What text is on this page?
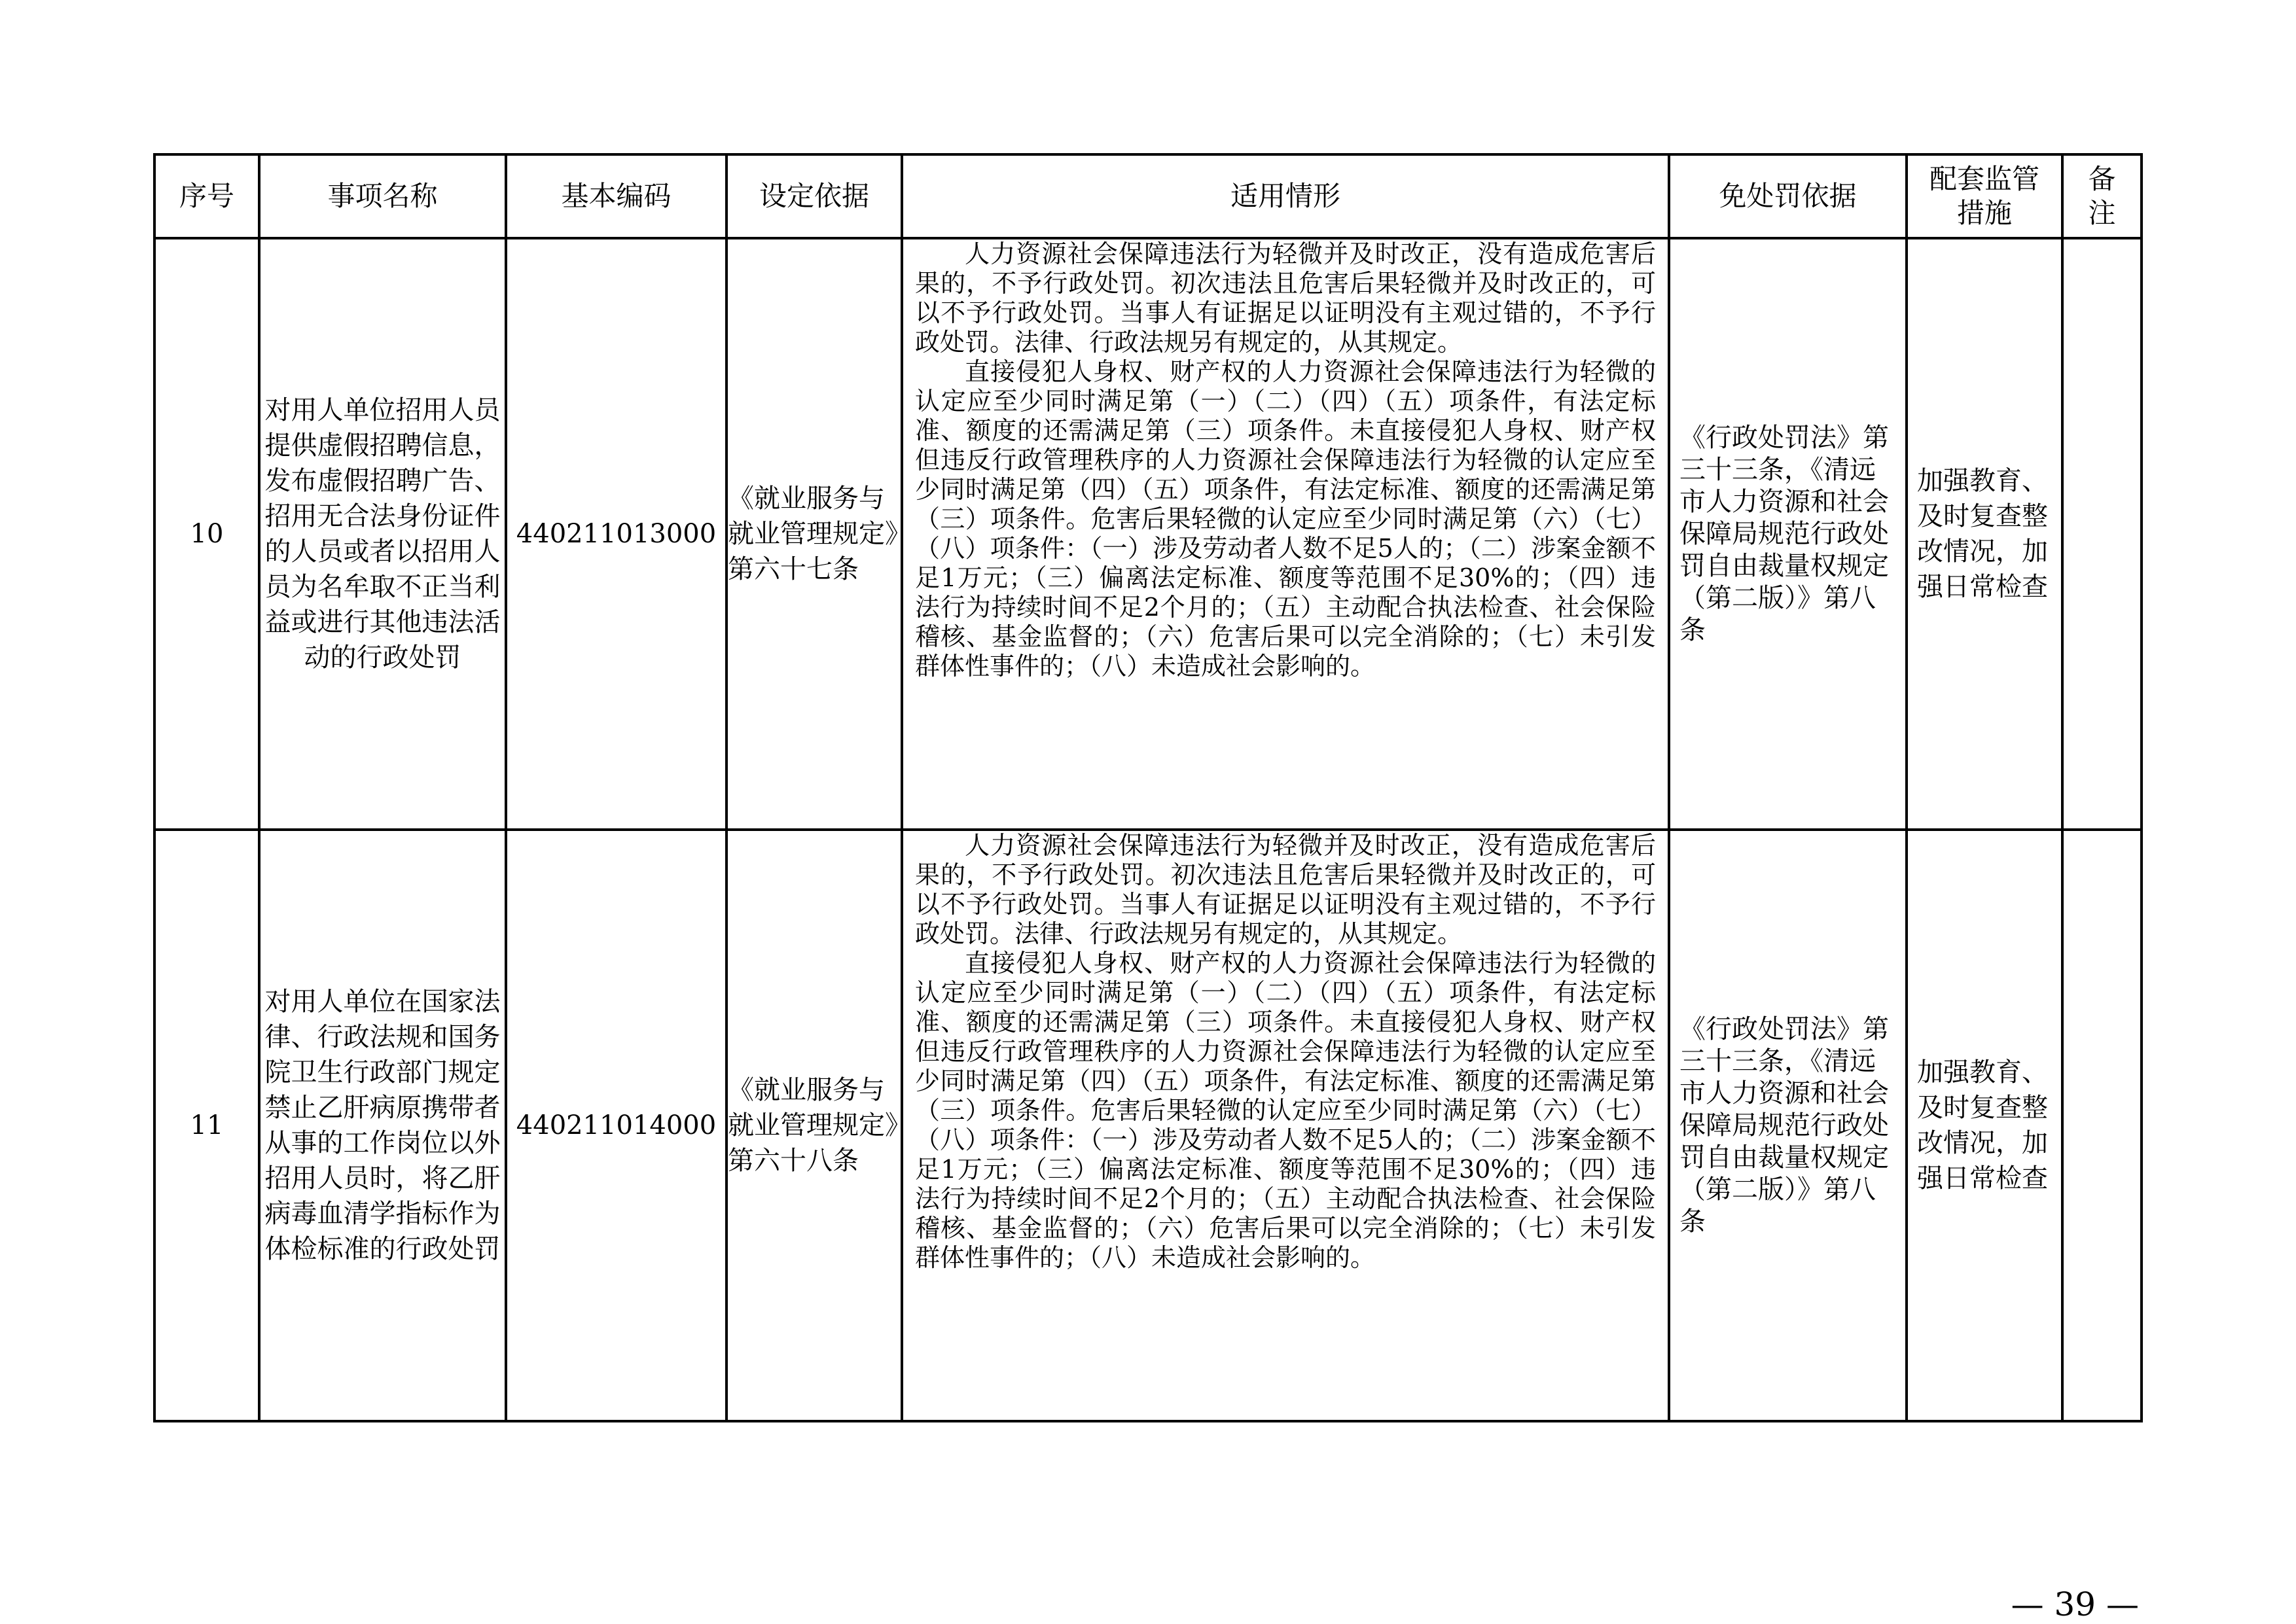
序号	事项名称	基本编码	设定依据	适用情形	免处罚依据	配套监管措施	备注
10	对用人单位招用人员提供虚假招聘信息，发布虚假招聘广告、招用无合法身份证件的人员或者以招用人员为名牟取不正当利益或进行其他违法活动的行政处罚	440211013000	《就业服务与就业管理规定》第六十七条	人力资源社会保障违法行为轻微并及时改正，没有造成危害后果的，不予行政处罚。初次违法且危害后果轻微并及时改正的，可以不予行政处罚。当事人有证据足以证明没有主观过错的，不予行政处罚。法律、行政法规另有规定的，从其规定。

直接侵犯人身权、财产权的人力资源社会保障违法行为轻微的认定应至少同时满足第（一）（二）（四）（五）项条件，有法定标准、额度的还需满足第（三）项条件。未直接侵犯人身权、财产权但违反行政管理秩序的人力资源社会保障违法行为轻微的认定应至少同时满足第（四）（五）项条件，有法定标准、额度的还需满足第（三）项条件。危害后果轻微的认定应至少同时满足第（六）（七）（八）项条件：（一）涉及劳动者人数不足5人的；（二）涉案金额不足1万元；（三）偏离法定标准、额度等范围不足30%的；（四）违法行为持续时间不足2个月的；（五）主动配合执法检查、社会保险稽核、基金监督的；（六）危害后果可以完全消除的；（七）未引发群体性事件的；（八）未造成社会影响的。	《行政处罚法》第三十三条，《清远市人力资源和社会保障局规范行政处罚自由裁量权规定（第二版）》第八条	加强教育、及时复查整改情况，加强日常检查	
11	对用人单位在国家法律、行政法规和国务院卫生行政部门规定禁止乙肝病原携带者从事的工作岗位以外招用人员时，将乙肝病毒血清学指标作为体检标准的行政处罚	440211014000	《就业服务与就业管理规定》第六十八条	人力资源社会保障违法行为轻微并及时改正，没有造成危害后果的，不予行政处罚。初次违法且危害后果轻微并及时改正的，可以不予行政处罚。当事人有证据足以证明没有主观过错的，不予行政处罚。法律、行政法规另有规定的，从其规定。

直接侵犯人身权、财产权的人力资源社会保障违法行为轻微的认定应至少同时满足第（一）（二）（四）（五）项条件，有法定标准、额度的还需满足第（三）项条件。未直接侵犯人身权、财产权但违反行政管理秩序的人力资源社会保障违法行为轻微的认定应至少同时满足第（四）（五）项条件，有法定标准、额度的还需满足第（三）项条件。危害后果轻微的认定应至少同时满足第（六）（七）（八）项条件：（一）涉及劳动者人数不足5人的；（二）涉案金额不足1万元；（三）偏离法定标准、额度等范围不足30%的；（四）违法行为持续时间不足2个月的；（五）主动配合执法检查、社会保险稽核、基金监督的；（六）危害后果可以完全消除的；（七）未引发群体性事件的；（八）未造成社会影响的。	《行政处罚法》第三十三条，《清远市人力资源和社会保障局规范行政处罚自由裁量权规定（第二版）》第八条	加强教育、及时复查整改情况，加强日常检查	
— 39 —
